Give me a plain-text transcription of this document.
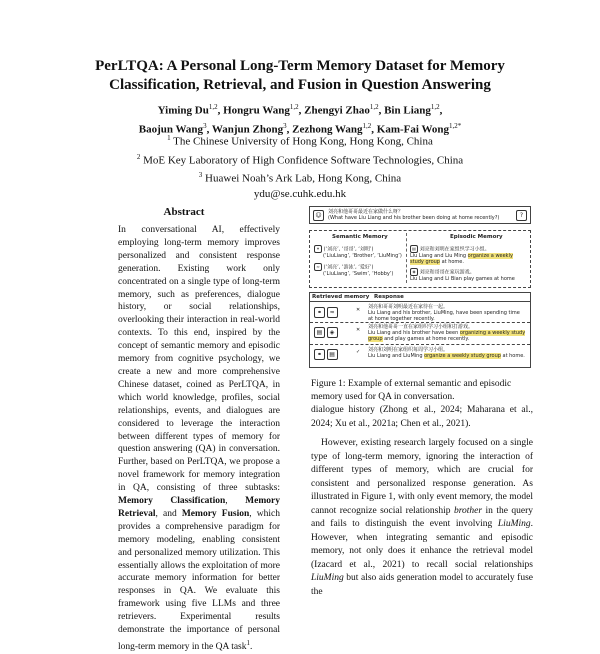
PerLTQA: A Personal Long-Term Memory Dataset for Memory
Classification, Retrieval, and Fusion in Question Answering
Yiming Du$^{1,2}$, Hongru Wang$^{1,2}$, Zhengyi Zhao$^{1,2}$, Bin Liang$^{1,2}$,
Baojun Wang$^3$, Wanjun Zhong$^3$, Zezhong Wang$^{1,2}$, Kam-Fai Wong$^{1,2*}$
$^1$ The Chinese University of Hong Kong, Hong Kong, China
$^2$ MoE Key Laboratory of High Confidence Software Technologies, China
$^3$ Huawei Noah’s Ark Lab, Hong Kong, China
ydu@se.cuhk.edu.hk
Abstract
In conversational AI, effectively employing long-term memory improves personalized and consistent response generation. Existing work only concentrated on a single type of long-term memory, such as preferences, dialogue history, or social relationships, overlooking their interaction in real-world contexts. To this end, inspired by the concept of semantic memory and episodic memory from cognitive psychology, we create a new and more comprehensive Chinese dataset, coined as PerLTQA, in which world knowledge, profiles, social relationships, events, and dialogues are considered to leverage the interaction between different types of memory for question answering (QA) in conversation. Further, based on PerLTQA, we propose a novel framework for memory integration in QA, consisting of three subtasks: Memory Classification, Memory Retrieval, and Memory Fusion, which provides a comprehensive paradigm for memory modeling, enabling consistent and personalized memory utilization. This essentially allows the exploitation of more accurate memory information for better responses in QA. We evaluate this framework using five LLMs and three retrievers. Experimental results demonstrate the importance of personal long-term memory in the QA task$^1$.
☺	刘亮和他哥哥最近在家做什么呀？
(What have Liu Liang and his brother been doing at home recently?)	?
Semantic Memory	Episodic Memory
⚭ (‘刘亮’, ‘哥哥’, ‘刘明’)
(‘LiuLiang’, ‘Brother’, ‘LiuMing’)
≈ (‘刘亮’, ‘游泳’, ‘爱好’)
(‘LiuLiang’, ‘Swim’, ‘Hobby’)
▤ 刘亮和刘明在家组织学习小组。
Liu Liang and Liu Ming organize a weekly study group at home.
◈ 刘亮和哥哥在家玩游戏。
Liu Liang and Li Bian play games at home
Retrieved memory Response
⚭ ≈	✕	刘亮和哥哥刘明最近在家待在一起。
Liu Liang and his brother, LiuMing, have been spending time at home together recently.
▤ ◈	✕	刘亮和他哥哥一直在家组织学习小组和打游戏。
Liu Liang and his brother have been organizing a weekly study group and play games at home recently.
⚭ ▤	✓	刘亮和刘明在家组织每周学习小组。
Liu Liang and LiuMing organize a weekly study group at home.
Figure 1: Example of external semantic and episodic memory used for QA in conversation.

dialogue history (Zhong et al., 2024; Maharana et al., 2024; Xu et al., 2021a; Chen et al., 2021).

However, existing research largely focused on a single type of long-term memory, ignoring the interaction of different types of memory, which are crucial for consistent and personalized response generation. As illustrated in Figure 1, with only event memory, the model cannot recognize social relationship brother in the query and fails to distinguish the event involving LiuMing. However, when integrating semantic and episodic memory, not only does it enhance the retrieval model (Izacard et al., 2021) to recall social relationships LiuMing but also aids generation model to accurately fuse the
